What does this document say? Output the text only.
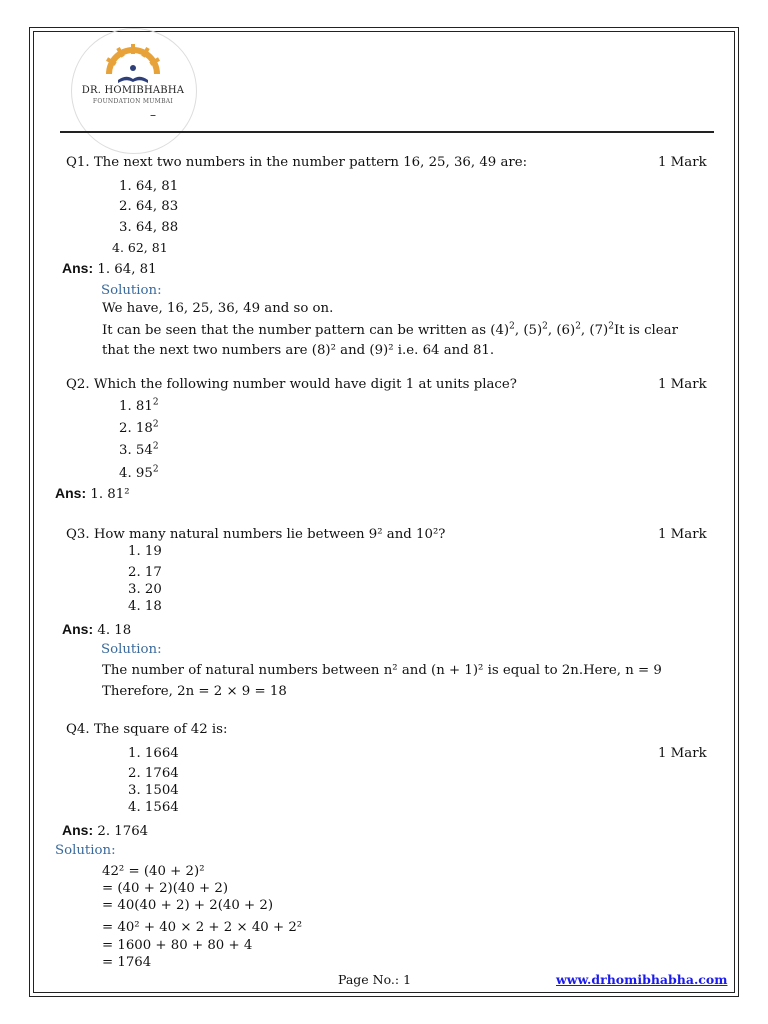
DR. HOMIBHABHA
FOUNDATION MUMBAI
–
Q1. The next two numbers in the number pattern 16, 25, 36, 49 are:	1 Mark
1. 64, 81
2. 64, 83
3. 64, 88
4. 62, 81
Ans: 1. 64, 81
Solution:
We have, 16, 25, 36, 49 and so on.
It can be seen that the number pattern can be written as $(4)^2$, $(5)^2$, $(6)^2$, $(7)^2It$ is clear
that the next two numbers are (8)² and (9)² i.e. 64 and 81.
Q2. Which the following number would have digit 1 at units place?	1 Mark
1. $81^2$
2. $18^2$
3. $54^2$
4. $95^2$
Ans: 1. 81²
Q3. How many natural numbers lie between 9² and 10²?	1 Mark
1. 19
2. 17
3. 20
4. 18
Ans: 4. 18
Solution:
The number of natural numbers between n² and (n + 1)² is equal to 2n.Here, n = 9
Therefore, 2n = 2 × 9 = 18
Q4. The square of 42 is:
1. 1664	1 Mark
2. 1764
3. 1504
4. 1564
Ans: 2. 1764
Solution:
42² = (40 + 2)²
= (40 + 2)(40 + 2)
= 40(40 + 2) + 2(40 + 2)
= 40² + 40 × 2 + 2 × 40 + 2²
= 1600 + 80 + 80 + 4
= 1764
Page No.: 1	www.drhomibhabha.com
